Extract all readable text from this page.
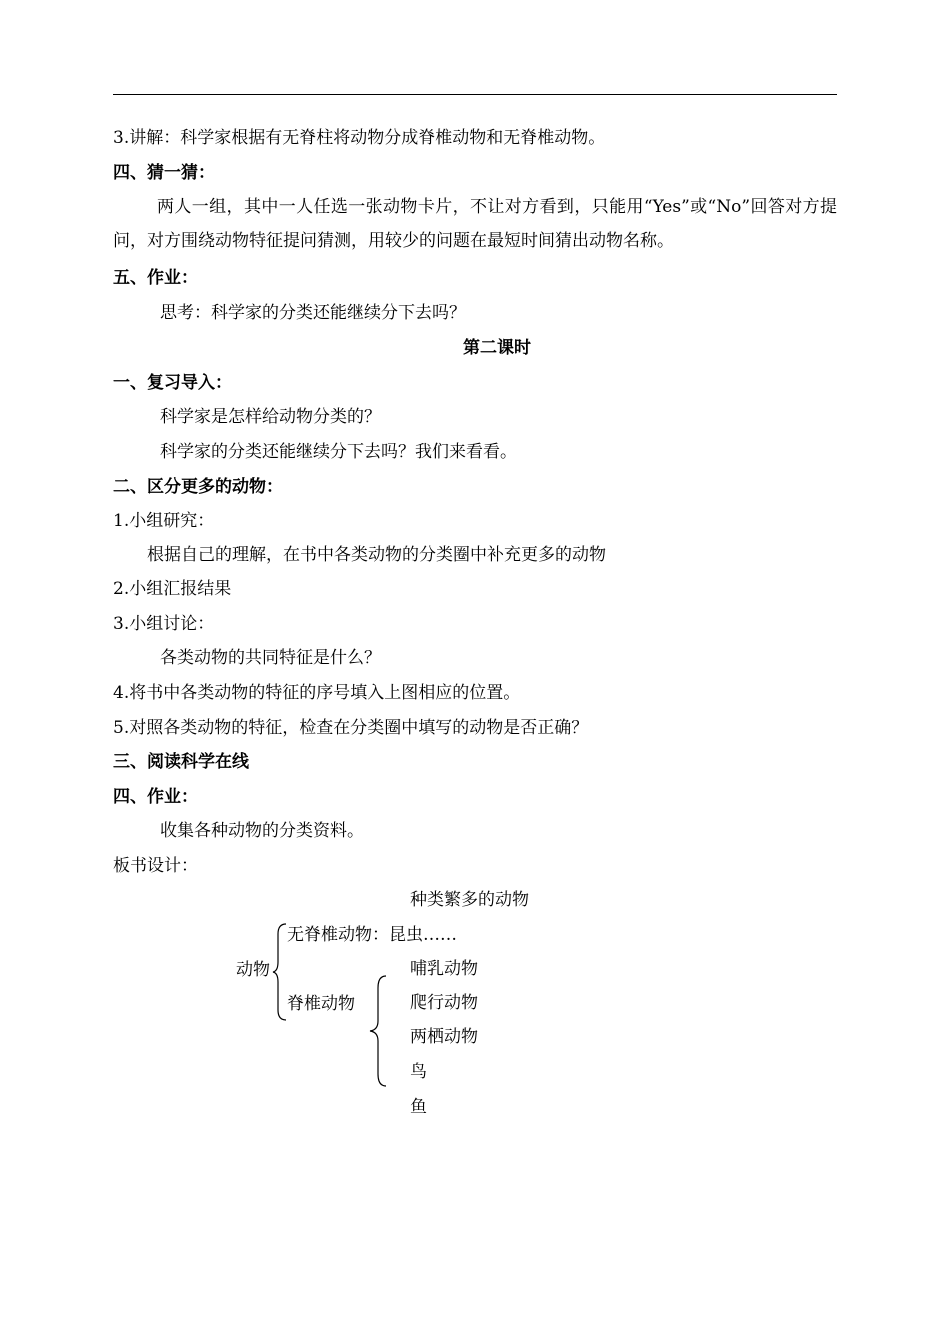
3.讲解：科学家根据有无脊柱将动物分成脊椎动物和无脊椎动物。
四、猜一猜：
两人一组，其中一人任选一张动物卡片，不让对方看到，只能用“Yes”或“No”回答对方提问，对方围绕动物特征提问猜测，用较少的问题在最短时间猜出动物名称。
五、作业：
思考：科学家的分类还能继续分下去吗？
第二课时
一、复习导入：
科学家是怎样给动物分类的？
科学家的分类还能继续分下去吗？我们来看看。
二、区分更多的动物：
1.小组研究：
根据自己的理解，在书中各类动物的分类圈中补充更多的动物
2.小组汇报结果
3.小组讨论：
各类动物的共同特征是什么？
4.将书中各类动物的特征的序号填入上图相应的位置。
5.对照各类动物的特征，检查在分类圈中填写的动物是否正确？
三、阅读科学在线
四、作业：
收集各种动物的分类资料。
板书设计：
种类繁多的动物
动物
无脊椎动物：昆虫……
脊椎动物
哺乳动物
爬行动物
两栖动物
鸟
鱼
